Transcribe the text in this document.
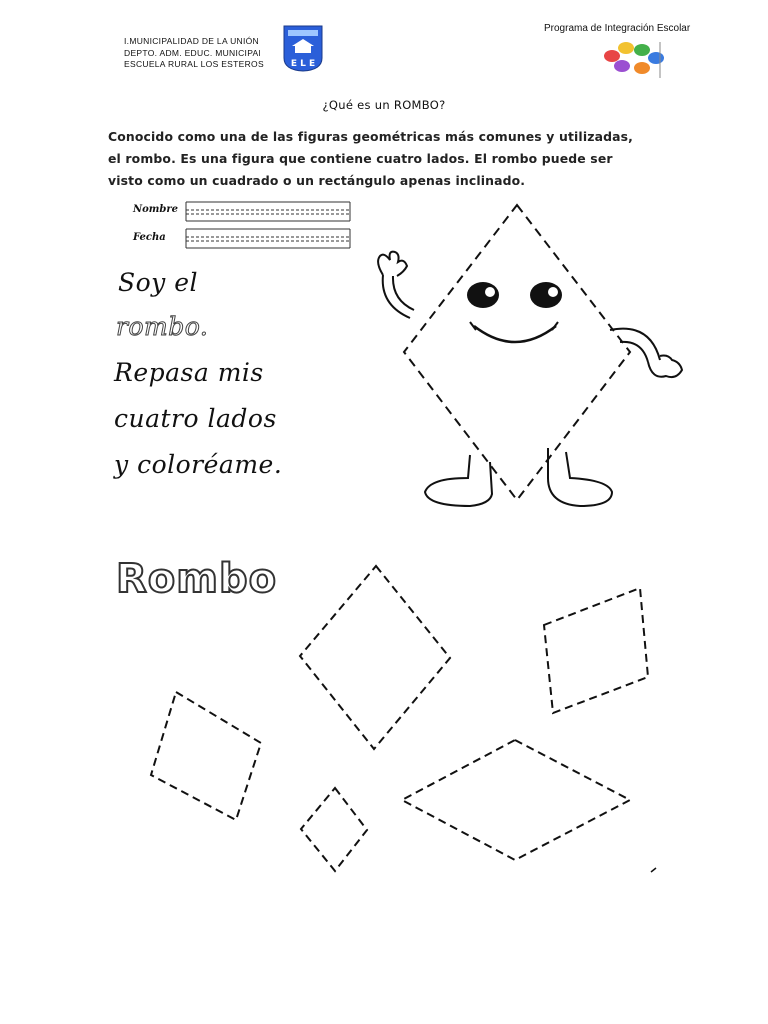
I.MUNICIPALIDAD DE LA UNIÓN
DEPTO. ADM. EDUC. MUNICIPAl
ESCUELA RURAL LOS ESTEROS	E L E
Programa de Integración Escolar
¿Qué es un ROMBO?
Conocido como una de las figuras geométricas más comunes y utilizadas,
el rombo. Es una figura que contiene cuatro lados. El rombo puede ser
visto como un cuadrado o un rectángulo apenas inclinado.
Nombre
Fecha
Soy el
rombo.
Repasa mis
cuatro lados
y coloréame.
Rombo
